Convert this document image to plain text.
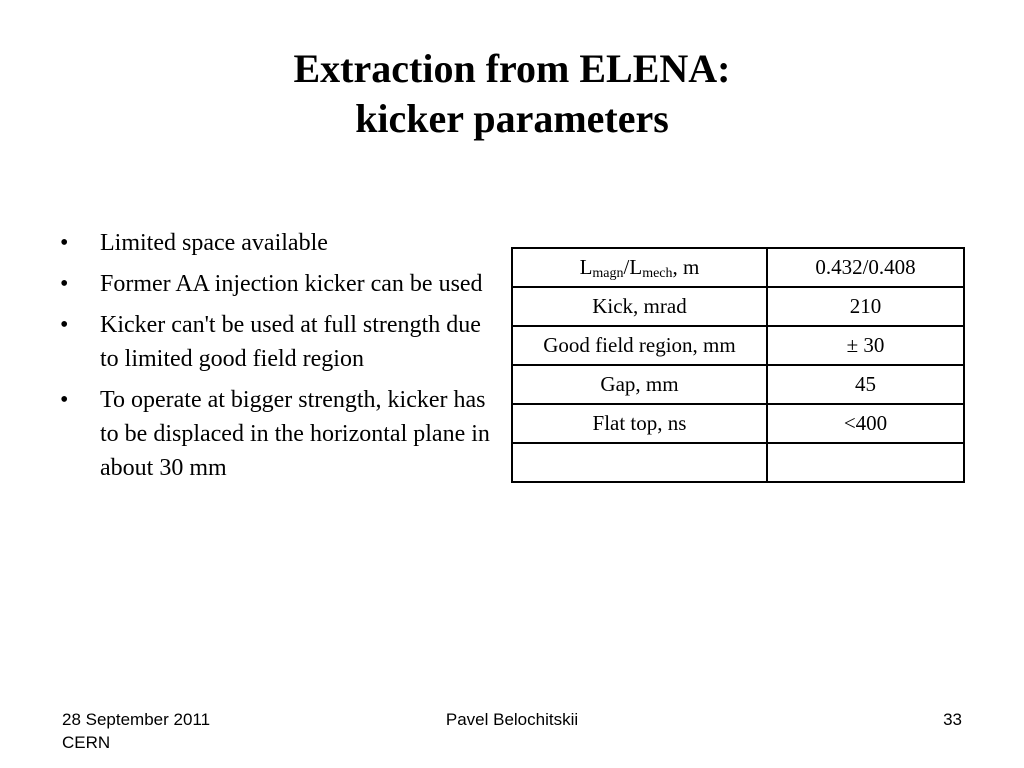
Extraction from ELENA:
kicker parameters
• Limited space available
• Former AA injection kicker can be used
• Kicker can't be used at full strength due to limited good field region
• To operate at bigger strength, kicker has to be displaced in the horizontal plane in about 30 mm
$L_{magn}/L_{mech}$, m	0.432/0.408
Kick, mrad	210
Good field region, mm	± 30
Gap, mm	45
Flat top, ns	<400

28 September 2011
CERN
Pavel Belochitskii	33
